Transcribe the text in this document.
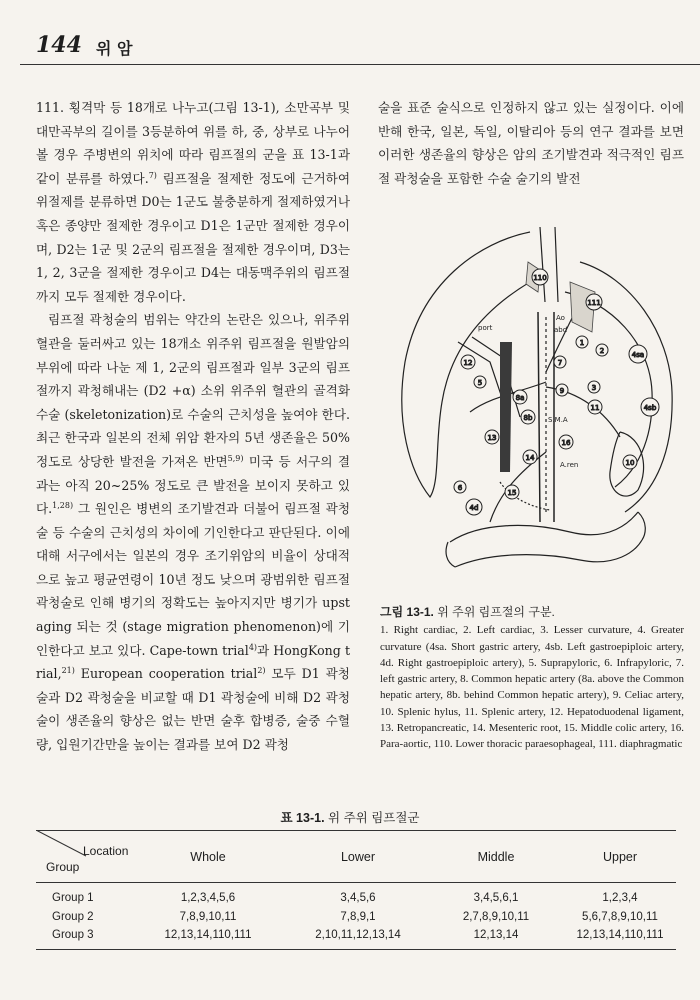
144 위 암

111. 횡격막 등 18개로 나누고(그림 13-1), 소만곡부 및 대만곡부의 길이를 3등분하여 위를 하, 중, 상부로 나누어 볼 경우 주병변의 위치에 따라 림프절의 군을 표 13-1과 같이 분류를 하였다.$^{7)}$ 림프절을 절제한 정도에 근거하여 위절제를 분류하면 D0는 1군도 불충분하게 절제하였거나 혹은 종양만 절제한 경우이고 D1은 1군만 절제한 경우이며, D2는 1군 및 2군의 림프절을 절제한 경우이며, D3는 1, 2, 3군을 절제한 경우이고 D4는 대동맥주위의 림프절까지 모두 절제한 경우이다.

림프절 곽청술의 범위는 약간의 논란은 있으나, 위주위 혈관을 둘러싸고 있는 18개소 위주위 림프절을 원발암의 부위에 따라 나눈 제 1, 2군의 림프절과 일부 3군의 림프절까지 곽청해내는 (D2 +α) 소위 위주위 혈관의 골격화 수술 (skeletonization)로 수술의 근치성을 높여야 한다. 최근 한국과 일본의 전체 위암 환자의 5년 생존율은 50% 정도로 상당한 발전을 가져온 반면$^{5,9)}$ 미국 등 서구의 결과는 아직 20~25% 정도로 큰 발전을 보이지 못하고 있다.$^{1,28)}$ 그 원인은 병변의 조기발견과 더불어 림프절 곽청술 등 수술의 근치성의 차이에 기인한다고 판단된다. 이에 대해 서구에서는 일본의 경우 조기위암의 비율이 상대적으로 높고 평균연령이 10년 정도 낮으며 광범위한 림프절 곽청술로 인해 병기의 정확도는 높아지지만 병기가 upstaging 되는 것 (stage migration phenomenon)에 기인한다고 보고 있다. Cape-town trial$^{4)}$과 HongKong trial,$^{21)}$ European cooperation trial$^{2)}$ 모두 D1 곽청술과 D2 곽청술을 비교할 때 D1 곽청술에 비해 D2 곽청술이 생존율의 향상은 없는 반면 술후 합병증, 술중 수혈량, 입원기간만을 높이는 결과를 보여 D2 곽청

술을 표준 술식으로 인정하지 않고 있는 실정이다. 이에 반해 한국, 일본, 독일, 이탈리아 등의 연구 결과를 보면 이러한 생존율의 향상은 암의 조기발견과 적극적인 림프절 곽청술을 포함한 수술 술기의 발전

110
111
1
2
3
4sa
4sb
4d
5
6
7
8a
8b
9
10
11
12
13
14
15
16
Ao
abd
port
S.M.A
A.ren
그림 13-1. 위 주위 림프절의 구분.
1. Right cardiac, 2. Left cardiac, 3. Lesser curvature, 4. Greater curvature (4sa. Short gastric artery, 4sb. Left gastroepiploic artery, 4d. Right gastroepiploic artery), 5. Suprapyloric, 6. Infrapyloric, 7. left gastric artery, 8. Common hepatic artery (8a. above the Common hepatic artery, 8b. behind Common hepatic artery), 9. Celiac artery, 10. Splenic hylus, 11. Splenic artery, 12. Hepatoduodenal ligament, 13. Retropancreatic, 14. Mesenteric root, 15. Middle colic artery, 16. Para-aortic, 110. Lower thoracic paraesophageal, 111. diaphragmatic
표 13-1. 위 주위 림프절군
Location
Group
Whole	Lower	Middle	Upper
Group 1	1,2,3,4,5,6	3,4,5,6	3,4,5,6,1	1,2,3,4
Group 2	7,8,9,10,11	7,8,9,1	2,7,8,9,10,11	5,6,7,8,9,10,11
Group 3	12,13,14,110,111	2,10,11,12,13,14	12,13,14	12,13,14,110,111
